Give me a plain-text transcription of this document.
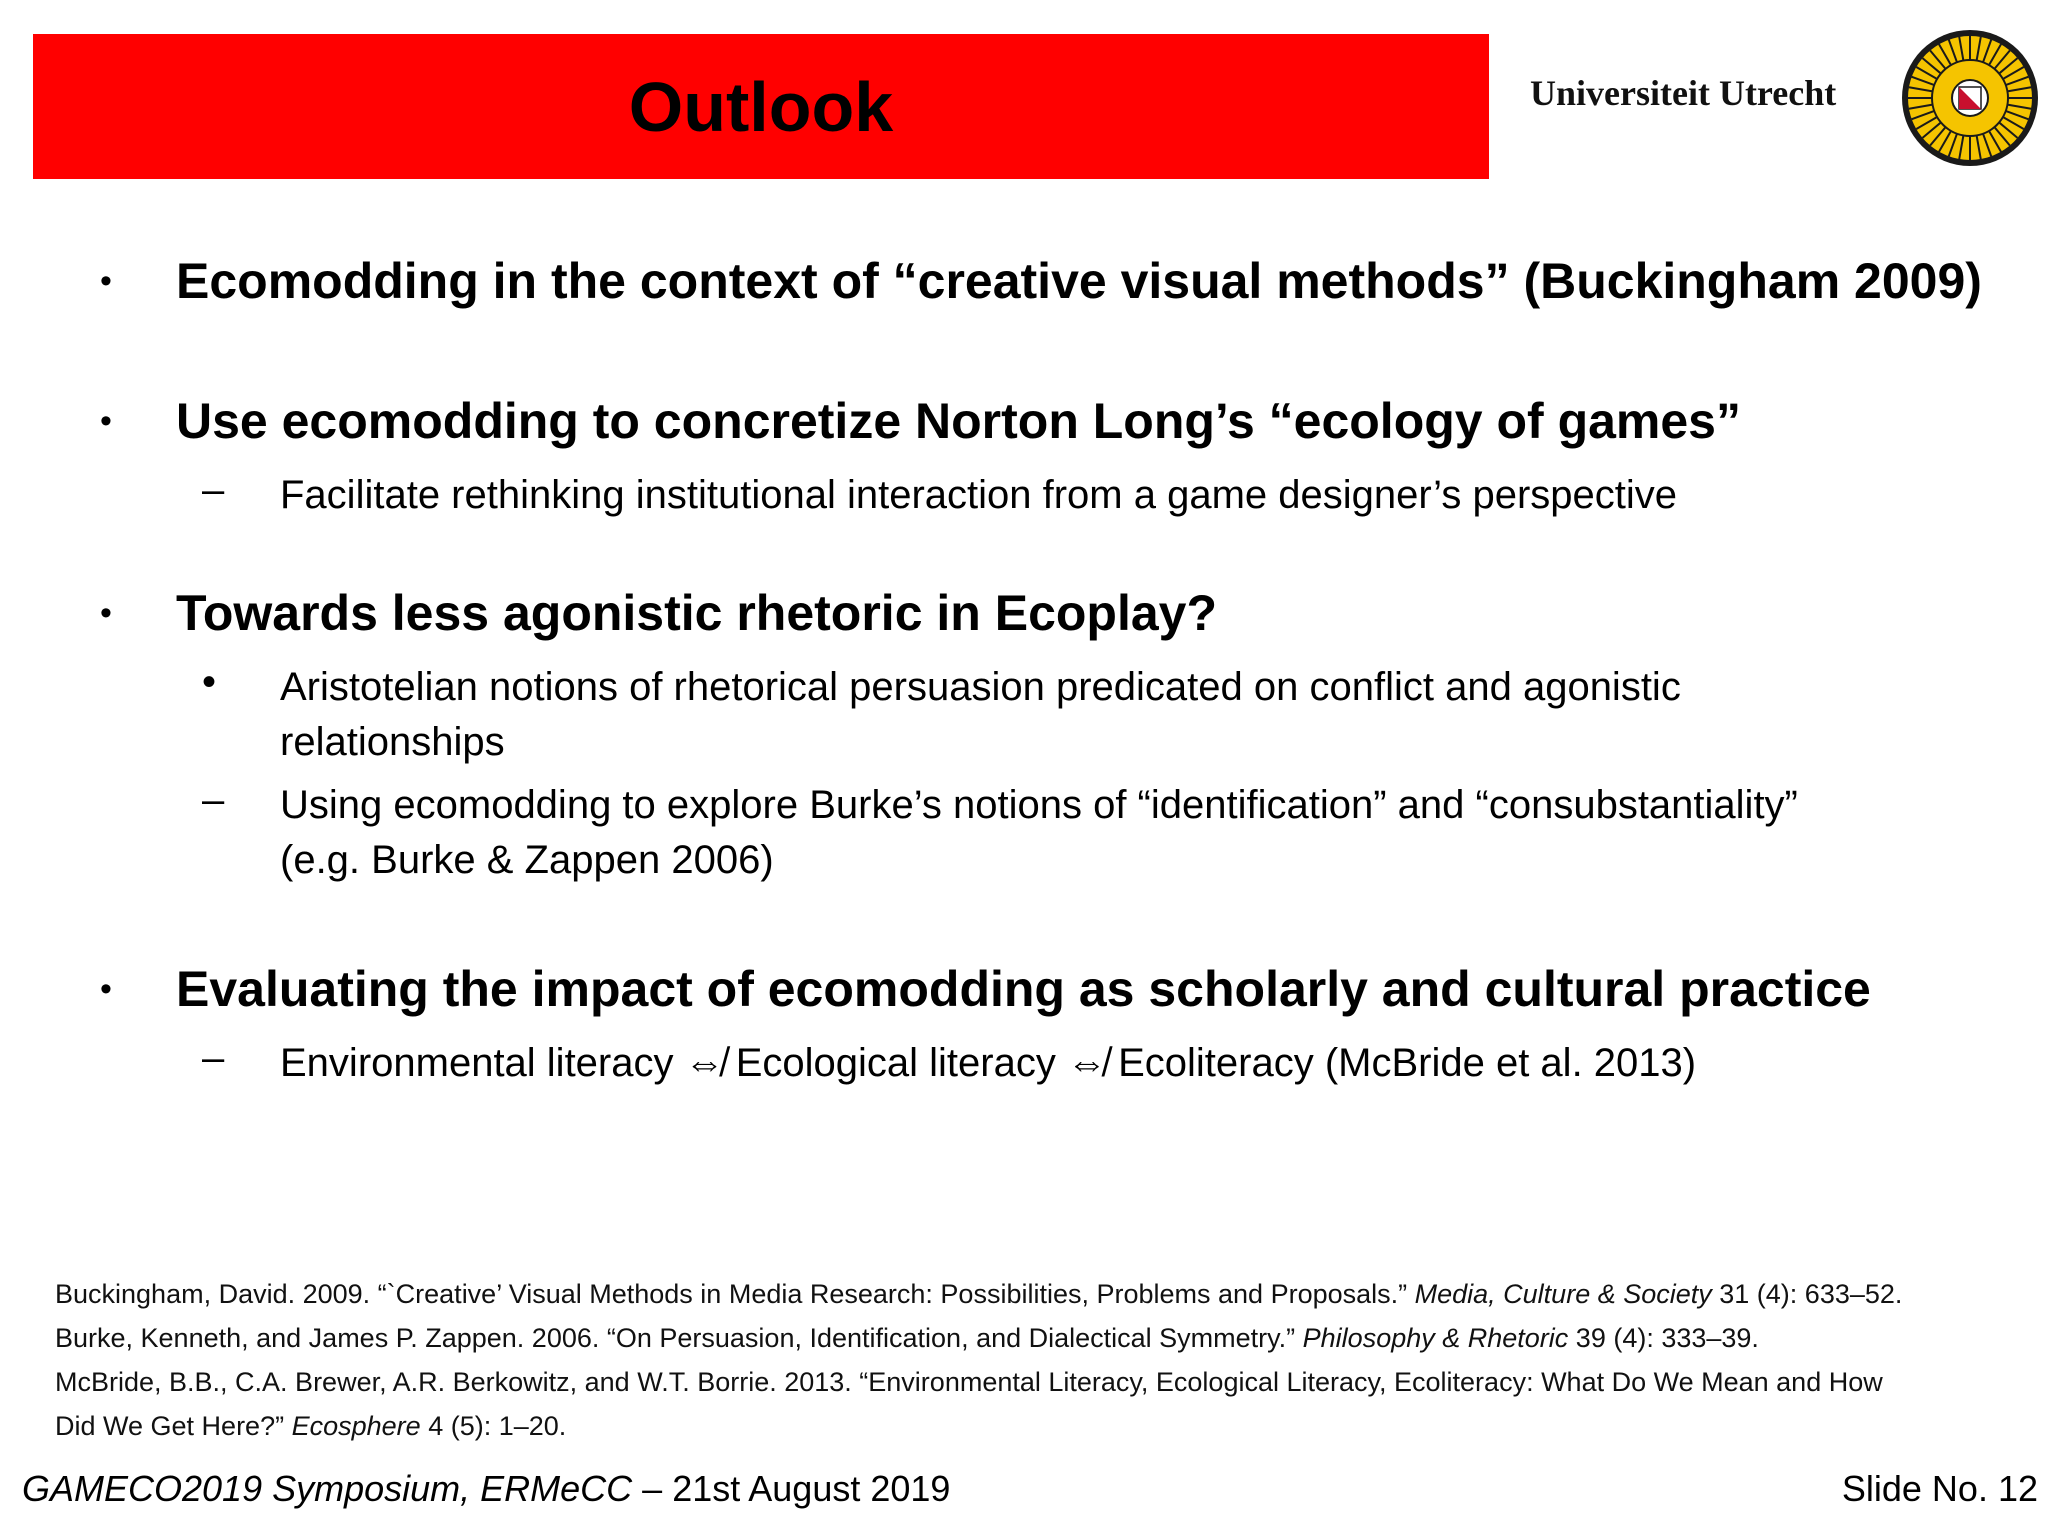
Outlook	Universiteit Utrecht
• Ecomodding in the context of “creative visual methods” (Buckingham 2009)
• Use ecomodding to concretize Norton Long’s “ecology of games”
– Facilitate rethinking institutional interaction from a game designer’s perspective
• Towards less agonistic rhetoric in Ecoplay?
• Aristotelian notions of rhetorical persuasion predicated on conflict and agonistic
relationships
– Using ecomodding to explore Burke’s notions of “identification” and “consubstantiality”
(e.g. Burke & Zappen 2006)
• Evaluating the impact of ecomodding as scholarly and cultural practice
– Environmental literacy ⇎ Ecological literacy ⇎ Ecoliteracy (McBride et al. 2013)
Buckingham, David. 2009. “`Creative’ Visual Methods in Media Research: Possibilities, Problems and Proposals.” Media, Culture & Society 31 (4): 633–52.
Burke, Kenneth, and James P. Zappen. 2006. “On Persuasion, Identification, and Dialectical Symmetry.” Philosophy & Rhetoric 39 (4): 333–39.
McBride, B.B., C.A. Brewer, A.R. Berkowitz, and W.T. Borrie. 2013. “Environmental Literacy, Ecological Literacy, Ecoliteracy: What Do We Mean and How
Did We Get Here?” Ecosphere 4 (5): 1–20.
GAMECO2019 Symposium, ERMeCC – 21st August 2019	Slide No. 12
